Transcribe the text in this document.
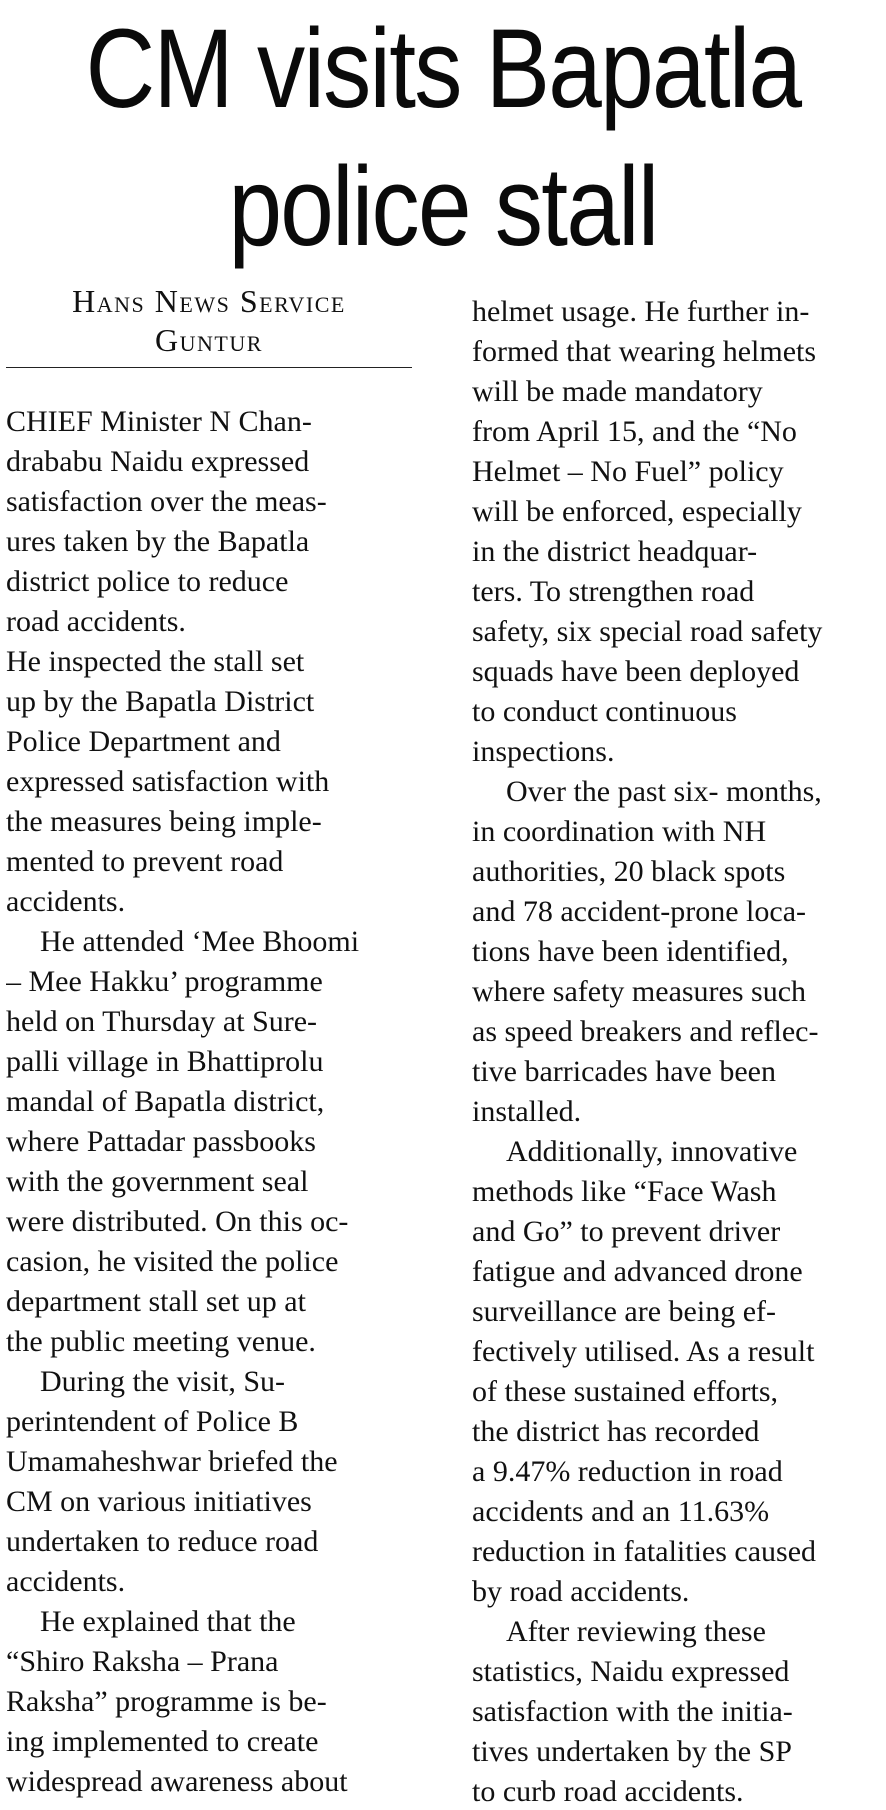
CM visits Bapatla
police stall
Hans News Service
Guntur
CHIEF Minister N Chan-
drababu Naidu expressed
satisfaction over the meas-
ures taken by the Bapatla
district police to reduce
road accidents.
He inspected the stall set
up by the Bapatla District
Police Department and
expressed satisfaction with
the measures being imple-
mented to prevent road
accidents.
He attended ‘Mee Bhoomi
– Mee Hakku’ programme
held on Thursday at Sure-
palli village in Bhattiprolu
mandal of Bapatla district,
where Pattadar passbooks
with the government seal
were distributed. On this oc-
casion, he visited the police
department stall set up at
the public meeting venue.
During the visit, Su-
perintendent of Police B
Umamaheshwar briefed the
CM on various initiatives
undertaken to reduce road
accidents.
He explained that the
“Shiro Raksha – Prana
Raksha” programme is be-
ing implemented to create
widespread awareness about
helmet usage. He further in-
formed that wearing helmets
will be made mandatory
from April 15, and the “No
Helmet – No Fuel” policy
will be enforced, especially
in the district headquar-
ters. To strengthen road
safety, six special road safety
squads have been deployed
to conduct continuous
inspections.
Over the past six- months,
in coordination with NH
authorities, 20 black spots
and 78 accident-prone loca-
tions have been identified,
where safety measures such
as speed breakers and reflec-
tive barricades have been
installed.
Additionally, innovative
methods like “Face Wash
and Go” to prevent driver
fatigue and advanced drone
surveillance are being ef-
fectively utilised. As a result
of these sustained efforts,
the district has recorded
a 9.47% reduction in road
accidents and an 11.63%
reduction in fatalities caused
by road accidents.
After reviewing these
statistics, Naidu expressed
satisfaction with the initia-
tives undertaken by the SP
to curb road accidents.
